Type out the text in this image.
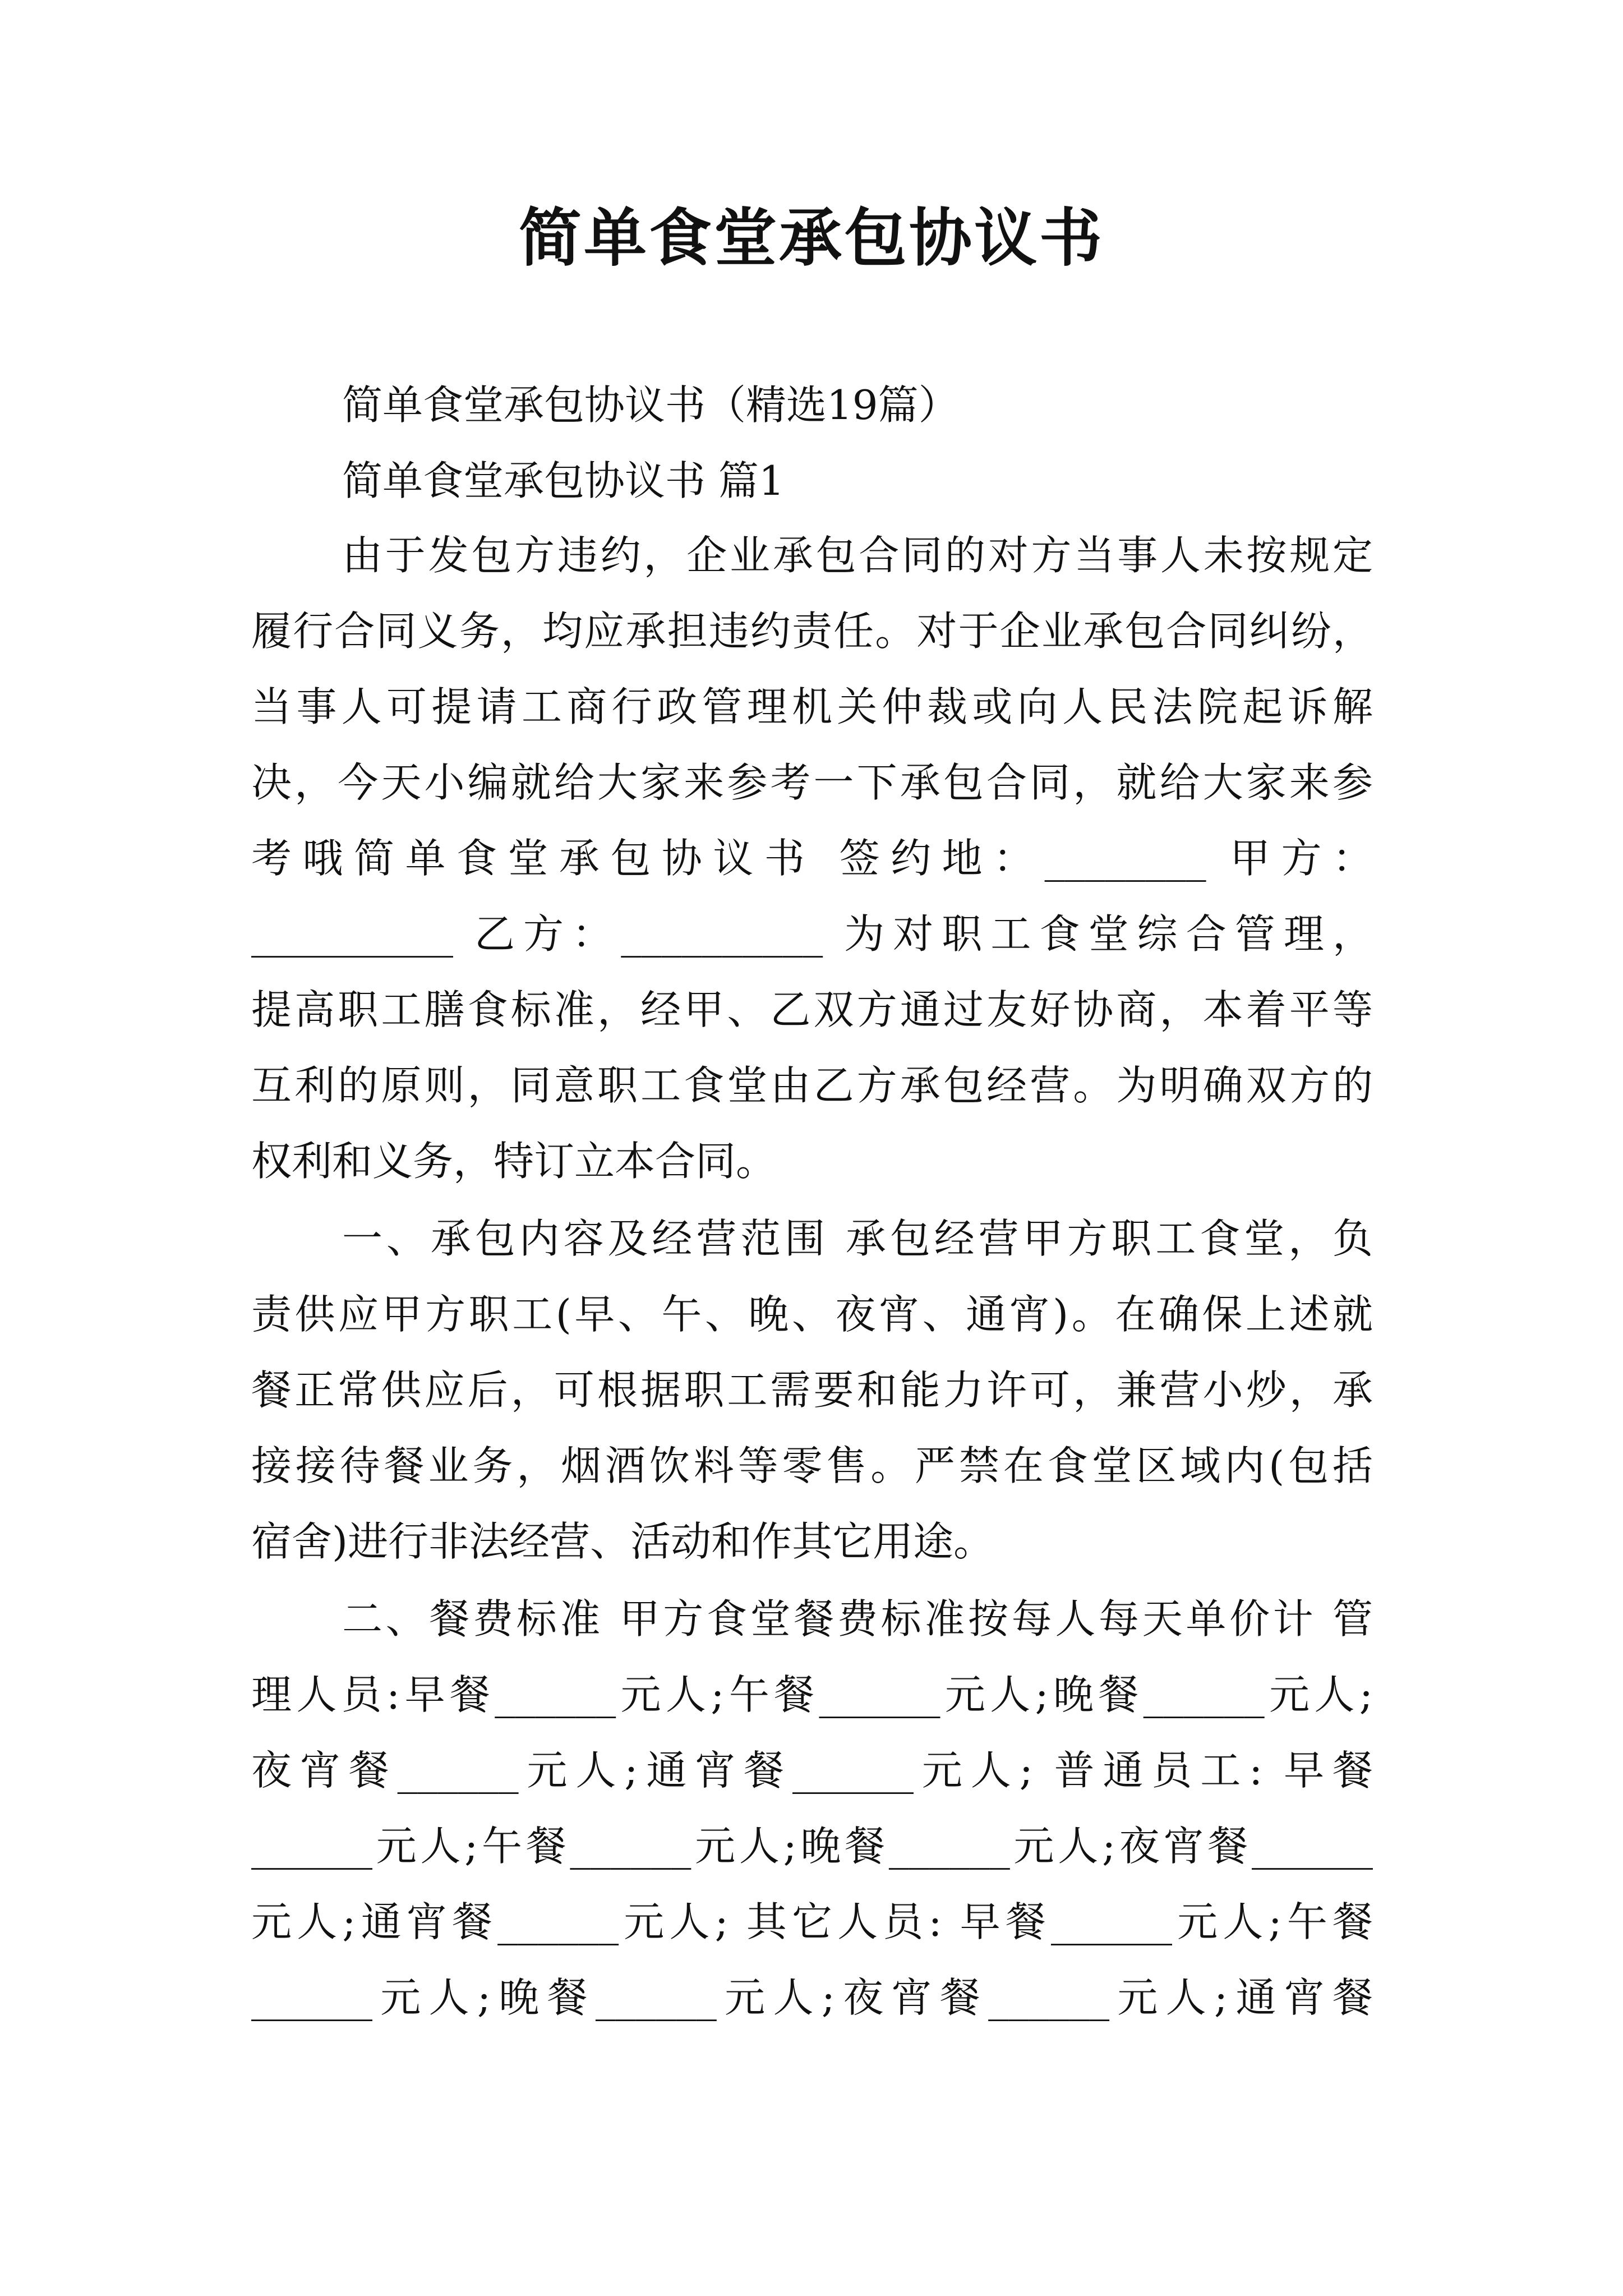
简单食堂承包协议书
简单食堂承包协议书（精选19篇）
简单食堂承包协议书 篇1
由于发包方违约，企业承包合同的对方当事人未按规定
履行合同义务，均应承担违约责任。对于企业承包合同纠纷，
当事人可提请工商行政管理机关仲裁或向人民法院起诉解
决，今天小编就给大家来参考一下承包合同，就给大家来参
考哦简单食堂承包协议书 签约地：________ 甲方：
__________ 乙方：__________ 为对职工食堂综合管理，
提高职工膳食标准，经甲、乙双方通过友好协商，本着平等
互利的原则，同意职工食堂由乙方承包经营。为明确双方的
权利和义务，特订立本合同。
一、承包内容及经营范围 承包经营甲方职工食堂，负
责供应甲方职工(早、午、晚、夜宵、通宵)。在确保上述就
餐正常供应后，可根据职工需要和能力许可，兼营小炒，承
接接待餐业务，烟酒饮料等零售。严禁在食堂区域内(包括
宿舍)进行非法经营、活动和作其它用途。
二、餐费标准 甲方食堂餐费标准按每人每天单价计 管
理人员:早餐______元人;午餐______元人;晚餐______元人;
夜宵餐______元人;通宵餐______元人; 普通员工: 早餐
______元人;午餐______元人;晚餐______元人;夜宵餐______
元人;通宵餐______元人; 其它人员: 早餐______元人;午餐
______元人;晚餐______元人;夜宵餐______元人;通宵餐
